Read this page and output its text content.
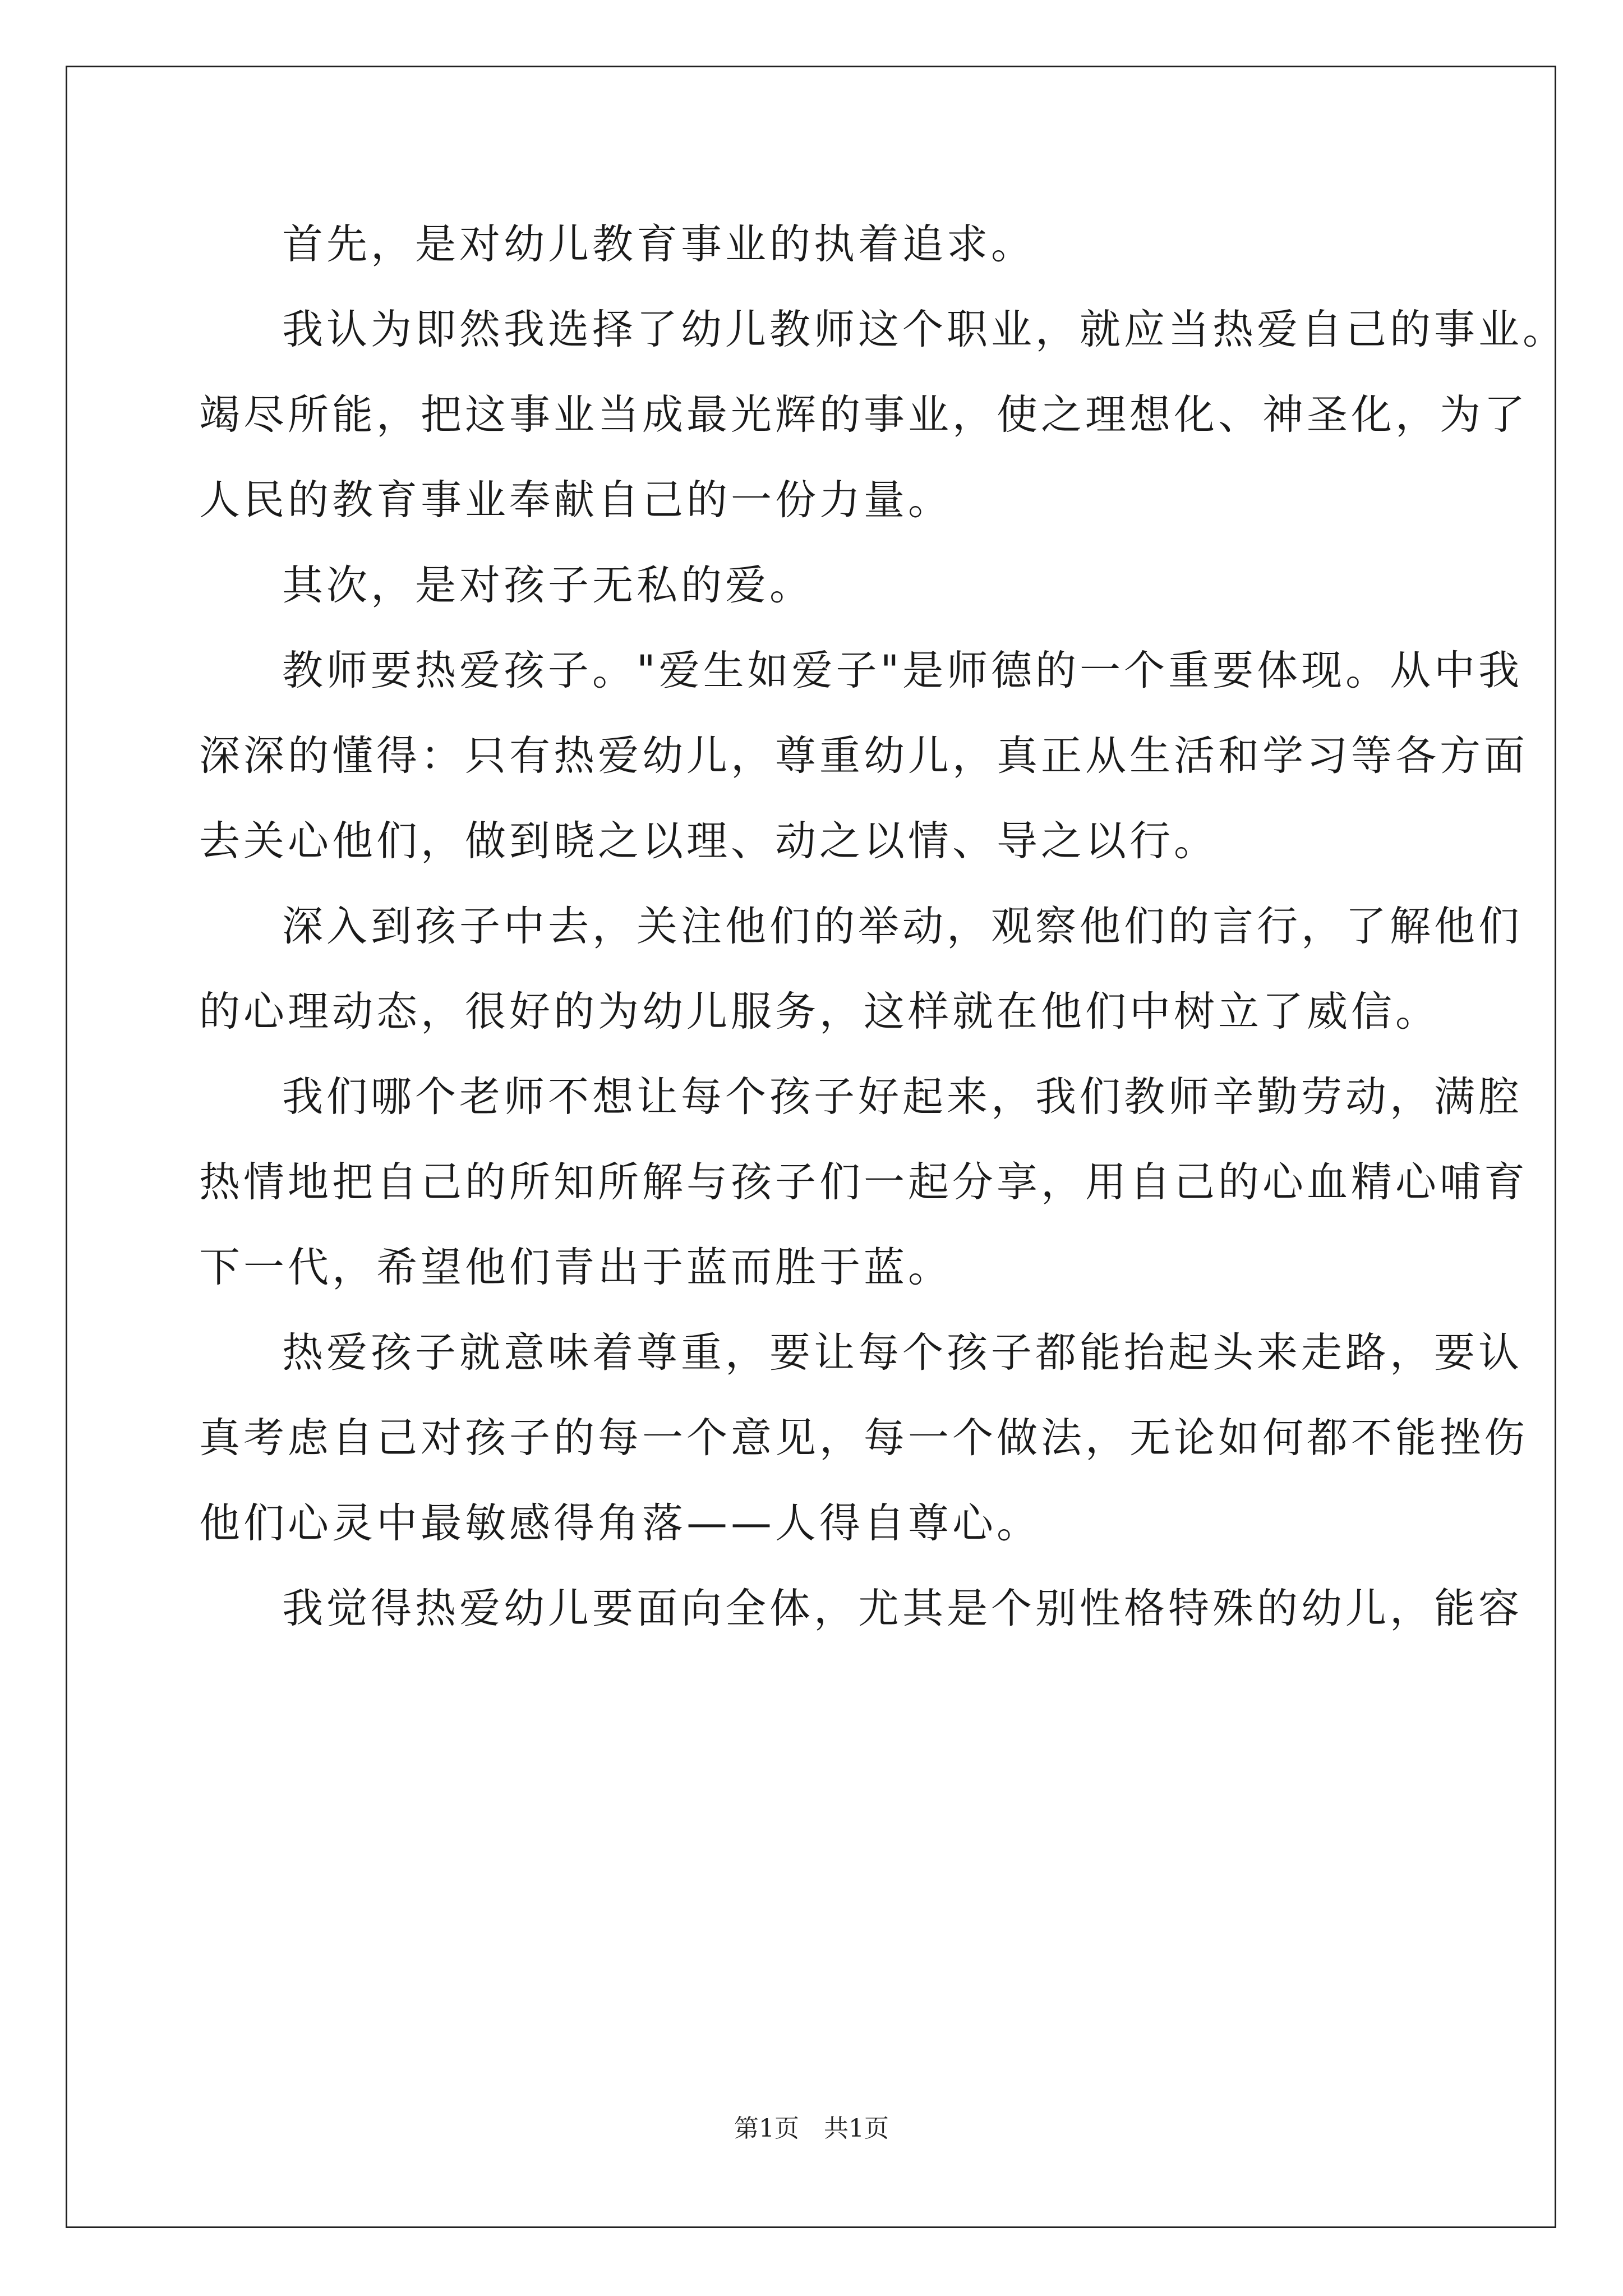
首先，是对幼儿教育事业的执着追求。
我认为即然我选择了幼儿教师这个职业，就应当热爱自己的事业。
竭尽所能，把这事业当成最光辉的事业，使之理想化、神圣化，为了
人民的教育事业奉献自己的一份力量。
其次，是对孩子无私的爱。
教师要热爱孩子。"爱生如爱子"是师德的一个重要体现。从中我
深深的懂得：只有热爱幼儿，尊重幼儿，真正从生活和学习等各方面
去关心他们，做到晓之以理、动之以情、导之以行。
深入到孩子中去，关注他们的举动，观察他们的言行，了解他们
的心理动态，很好的为幼儿服务，这样就在他们中树立了威信。
我们哪个老师不想让每个孩子好起来，我们教师辛勤劳动，满腔
热情地把自己的所知所解与孩子们一起分享，用自己的心血精心哺育
下一代，希望他们青出于蓝而胜于蓝。
热爱孩子就意味着尊重，要让每个孩子都能抬起头来走路，要认
真考虑自己对孩子的每一个意见，每一个做法，无论如何都不能挫伤
他们心灵中最敏感得角落——人得自尊心。
我觉得热爱幼儿要面向全体，尤其是个别性格特殊的幼儿，能容
第1页　共1页
